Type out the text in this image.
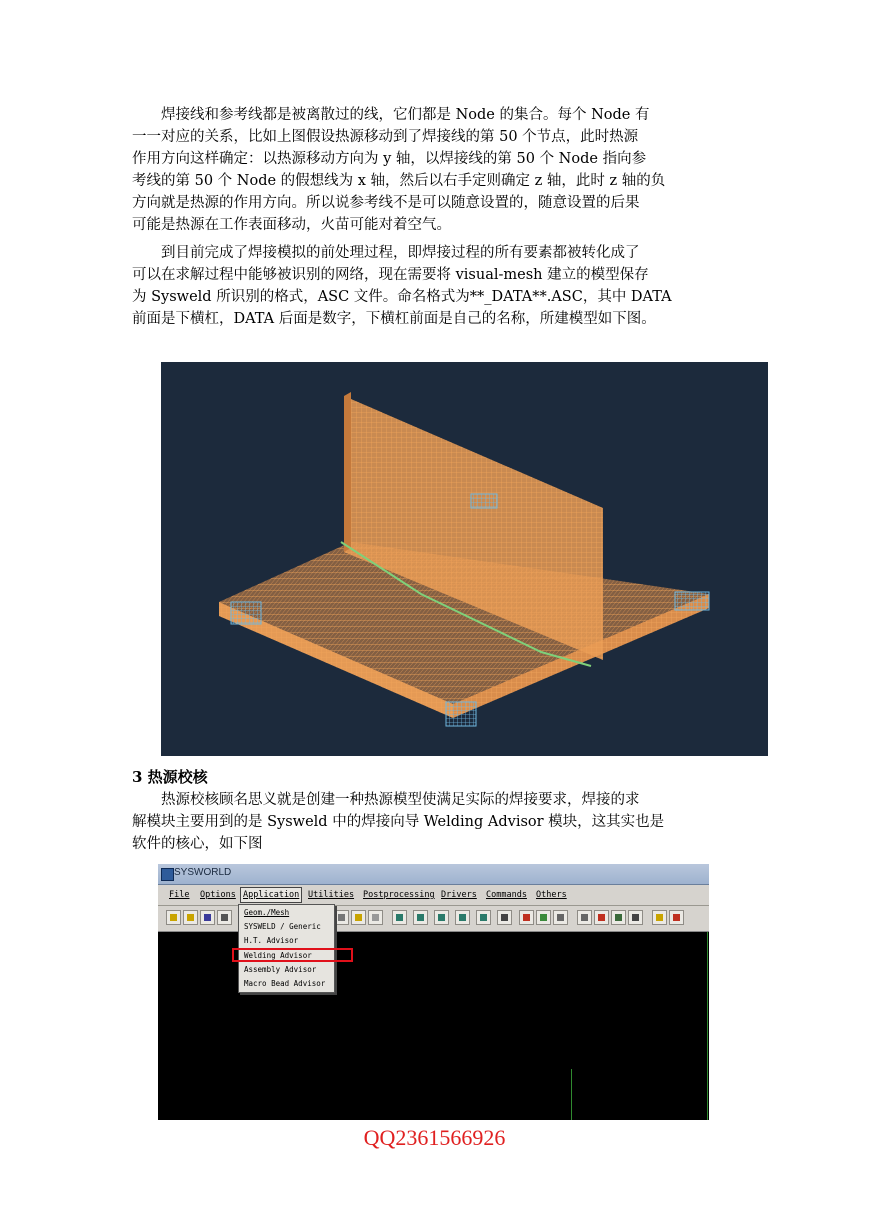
焊接线和参考线都是被离散过的线，它们都是 Node 的集合。每个 Node 有
一一对应的关系，比如上图假设热源移动到了焊接线的第 50 个节点，此时热源
作用方向这样确定：以热源移动方向为 y 轴，以焊接线的第 50 个 Node 指向参
考线的第 50 个 Node 的假想线为 x 轴，然后以右手定则确定 z 轴，此时 z 轴的负
方向就是热源的作用方向。所以说参考线不是可以随意设置的，随意设置的后果
可能是热源在工作表面移动，火苗可能对着空气。
到目前完成了焊接模拟的前处理过程，即焊接过程的所有要素都被转化成了
可以在求解过程中能够被识别的网络，现在需要将 visual-mesh 建立的模型保存
为 Sysweld 所识别的格式，ASC 文件。命名格式为**_DATA**.ASC，其中 DATA
前面是下横杠，DATA 后面是数字，下横杠前面是自己的名称，所建模型如下图。
3 热源校核
热源校核顾名思义就是创建一种热源模型使满足实际的焊接要求，焊接的求
解模块主要用到的是 Sysweld 中的焊接向导 Welding Advisor 模块，这其实也是
软件的核心，如下图
SYSWORLD
File Options Application	Utilities Postprocessing Drivers Commands Others
Geom./Mesh
SYSWELD / Generic
H.T. Advisor
Welding Advisor
Assembly Advisor
Macro Bead Advisor
QQ2361566926
